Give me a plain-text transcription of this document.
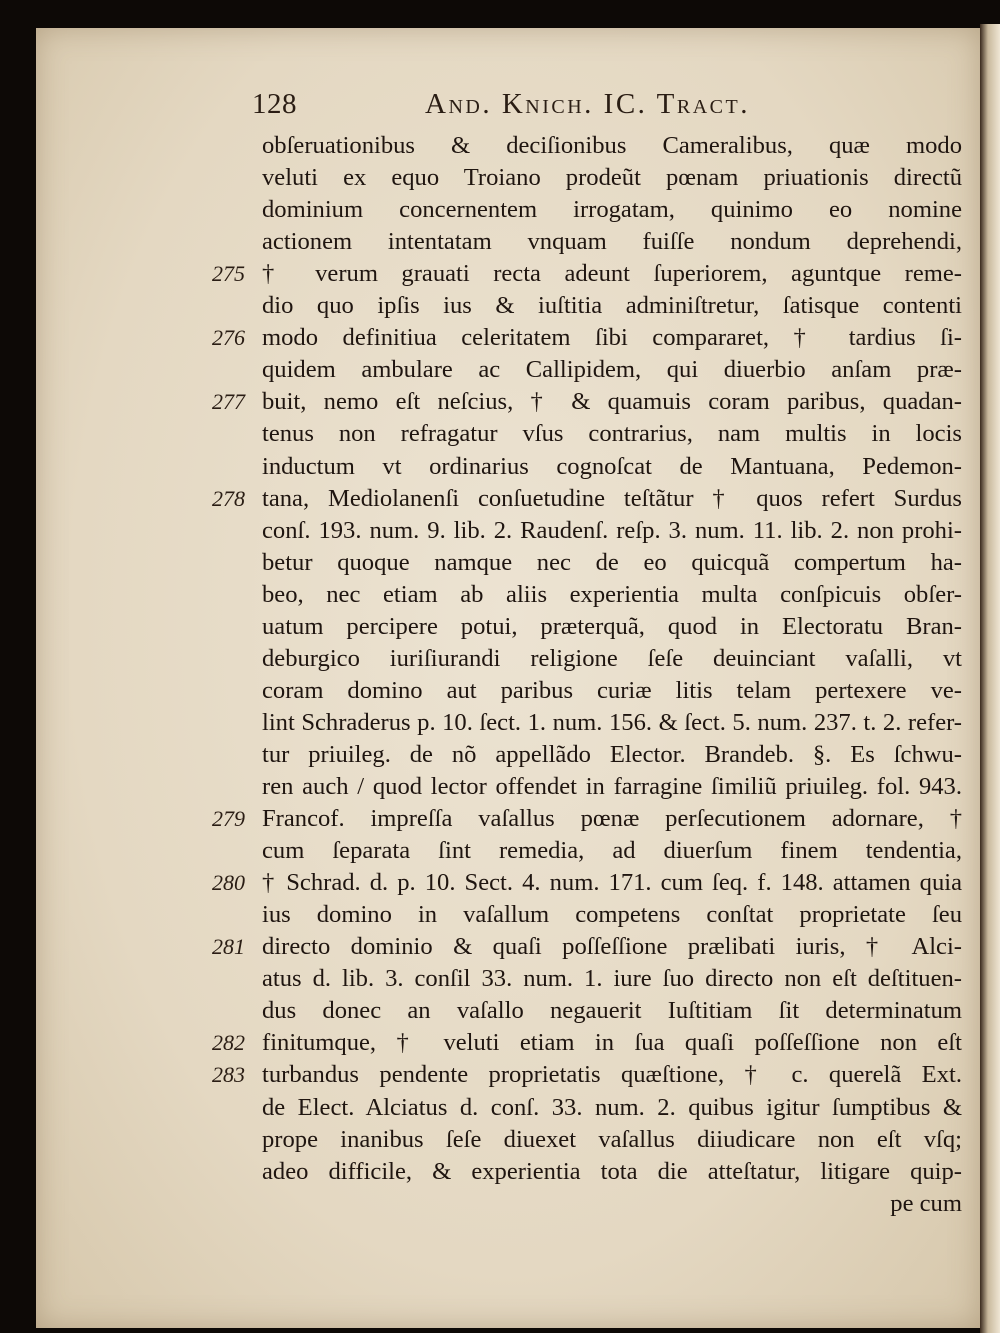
128	And. Knich. IC. Tract.
obſeruationibus & deciſionibus Cameralibus, quæ modo
veluti ex equo Troiano prodeũt pœnam priuationis directũ
dominium concernentem irrogatam, quinimo eo nomine
actionem intentatam vnquam fuiſſe nondum deprehendi,
† verum grauati recta adeunt ſuperiorem, aguntque reme-
dio quo ipſis ius & iuſtitia adminiſtretur, ſatisque contenti
modo definitiua celeritatem ſibi compararet, † tardius ſi-
quidem ambulare ac Callipidem, qui diuerbio anſam præ-
buit, nemo eſt neſcius, † & quamuis coram paribus, quadan-
tenus non refragatur vſus contrarius, nam multis in locis
inductum vt ordinarius cognoſcat de Mantuana, Pedemon-
tana, Mediolanenſi conſuetudine teſtãtur † quos refert Surdus
conſ. 193. num. 9. lib. 2. Raudenſ. reſp. 3. num. 11. lib. 2. non prohi-
betur quoque namque nec de eo quicquã compertum ha-
beo, nec etiam ab aliis experientia multa conſpicuis obſer-
uatum percipere potui, præterquã, quod in Electoratu Bran-
deburgico iuriſiurandi religione ſeſe deuinciant vaſalli, vt
coram domino aut paribus curiæ litis telam pertexere ve-
lint Schraderus p. 10. ſect. 1. num. 156. & ſect. 5. num. 237. t. 2. refer-
tur priuileg. de nõ appellãdo Elector. Brandeb. §. Es ſchwu-
ren auch / quod lector offendet in farragine ſimiliũ priuileg. fol. 943.
Francof. impreſſa vaſallus pœnæ perſecutionem adornare, †
cum ſeparata ſint remedia, ad diuerſum finem tendentia,
† Schrad. d. p. 10. Sect. 4. num. 171. cum ſeq. f. 148. attamen quia
ius domino in vaſallum competens conſtat proprietate ſeu
directo dominio & quaſi poſſeſſione prælibati iuris, † Alci-
atus d. lib. 3. conſil 33. num. 1. iure ſuo directo non eſt deſtituen-
dus donec an vaſallo negauerit Iuſtitiam ſit determinatum
finitumque, † veluti etiam in ſua quaſi poſſeſſione non eſt
turbandus pendente proprietatis quæſtione, † c. querelã Ext.
de Elect. Alciatus d. conſ. 33. num. 2. quibus igitur ſumptibus &
prope inanibus ſeſe diuexet vaſallus diiudicare non eſt vſq;
adeo difficile, & experientia tota die atteſtatur, litigare quip-
pe cum
275
276
277
278
279
280
281
282
283
